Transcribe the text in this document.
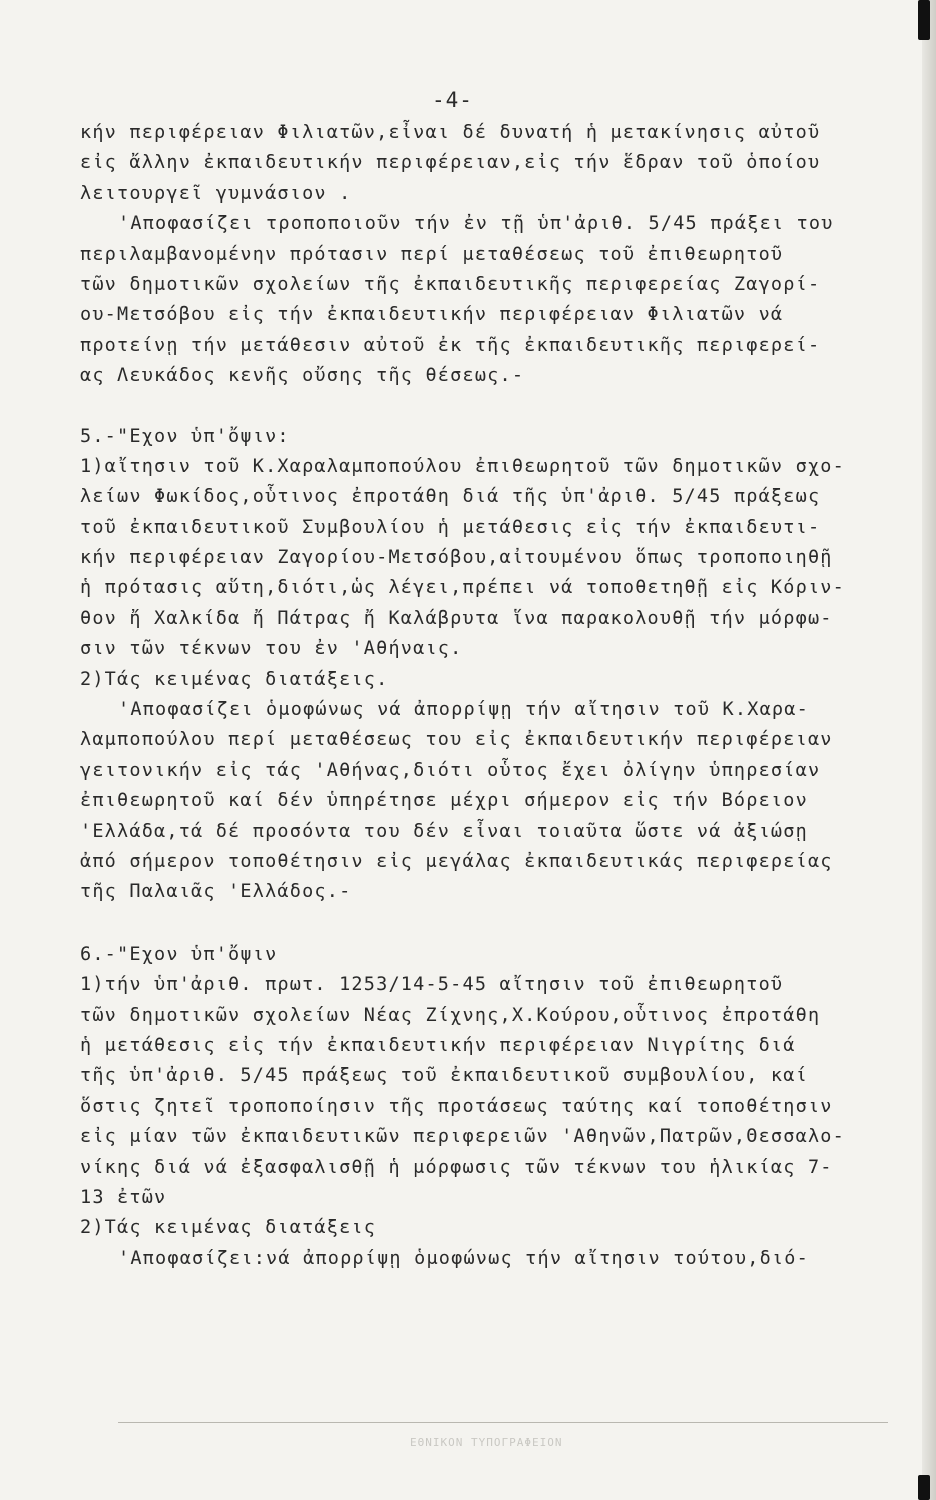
-4-
κήν περιφέρειαν Φιλιατῶν,εἶναι δέ δυνατή ἡ μετακίνησις αὐτοῦ
εἰς ἄλλην ἐκπαιδευτικήν περιφέρειαν,εἰς τήν ἕδραν τοῦ ὁποίου
λειτουργεῖ γυμνάσιον .
'Αποφασίζει τροποποιοῦν τήν ἐν τῇ ὑπ'ἀριθ. 5/45 πράξει του
περιλαμβανομένην πρότασιν περί μεταθέσεως τοῦ ἐπιθεωρητοῦ
τῶν δημοτικῶν σχολείων τῆς ἐκπαιδευτικῆς περιφερείας Ζαγορί-
ου-Μετσόβου εἰς τήν ἐκπαιδευτικήν περιφέρειαν Φιλιατῶν νά
προτείνῃ τήν μετάθεσιν αὐτοῦ ἐκ τῆς ἐκπαιδευτικῆς περιφερεί-
ας Λευκάδος κενῆς οὔσης τῆς θέσεως.-
5.-"Εχον ὑπ'ὄψιν:
1)αἴτησιν τοῦ Κ.Χαραλαμποπούλου ἐπιθεωρητοῦ τῶν δημοτικῶν σχο-
λείων Φωκίδος,οὗτινος ἐπροτάθη διά τῆς ὑπ'ἀριθ. 5/45 πράξεως
τοῦ ἐκπαιδευτικοῦ Συμβουλίου ἡ μετάθεσις εἰς τήν ἐκπαιδευτι-
κήν περιφέρειαν Ζαγορίου-Μετσόβου,αἰτουμένου ὅπως τροποποιηθῇ
ἡ πρότασις αὕτη,διότι,ὡς λέγει,πρέπει νά τοποθετηθῇ εἰς Κόριν-
θον ἤ Χαλκίδα ἤ Πάτρας ἤ Καλάβρυτα ἵνα παρακολουθῇ τήν μόρφω-
σιν τῶν τέκνων του ἐν 'Αθήναις.
2)Τάς κειμένας διατάξεις.
'Αποφασίζει ὁμοφώνως νά ἀπορρίψῃ τήν αἴτησιν τοῦ Κ.Χαρα-
λαμποπούλου περί μεταθέσεως του εἰς ἐκπαιδευτικήν περιφέρειαν
γειτονικήν εἰς τάς 'Αθήνας,διότι οὗτος ἔχει ὀλίγην ὑπηρεσίαν
ἐπιθεωρητοῦ καί δέν ὑπηρέτησε μέχρι σήμερον εἰς τήν Βόρειον
'Ελλάδα,τά δέ προσόντα του δέν εἶναι τοιαῦτα ὥστε νά ἀξιώσῃ
ἀπό σήμερον τοποθέτησιν εἰς μεγάλας ἐκπαιδευτικάς περιφερείας
τῆς Παλαιᾶς 'Ελλάδος.-
6.-"Εχον ὑπ'ὄψιν
1)τήν ὑπ'ἀριθ. πρωτ. 1253/14-5-45 αἴτησιν τοῦ ἐπιθεωρητοῦ
τῶν δημοτικῶν σχολείων Νέας Ζίχνης,Χ.Κούρου,οὗτινος ἐπροτάθη
ἡ μετάθεσις εἰς τήν ἐκπαιδευτικήν περιφέρειαν Νιγρίτης διά
τῆς ὑπ'ἀριθ. 5/45 πράξεως τοῦ ἐκπαιδευτικοῦ συμβουλίου, καί
ὅστις ζητεῖ τροποποίησιν τῆς προτάσεως ταύτης καί τοποθέτησιν
εἰς μίαν τῶν ἐκπαιδευτικῶν περιφερειῶν 'Αθηνῶν,Πατρῶν,Θεσσαλο-
νίκης διά νά ἐξασφαλισθῇ ἡ μόρφωσις τῶν τέκνων του ἡλικίας 7-
13 ἐτῶν
2)Τάς κειμένας διατάξεις
'Αποφασίζει:νά ἀπορρίψῃ ὁμοφώνως τήν αἴτησιν τούτου,διό-
ΕΘΝΙΚΟΝ ΤΥΠΟΓΡΑΦΕΙΟΝ
